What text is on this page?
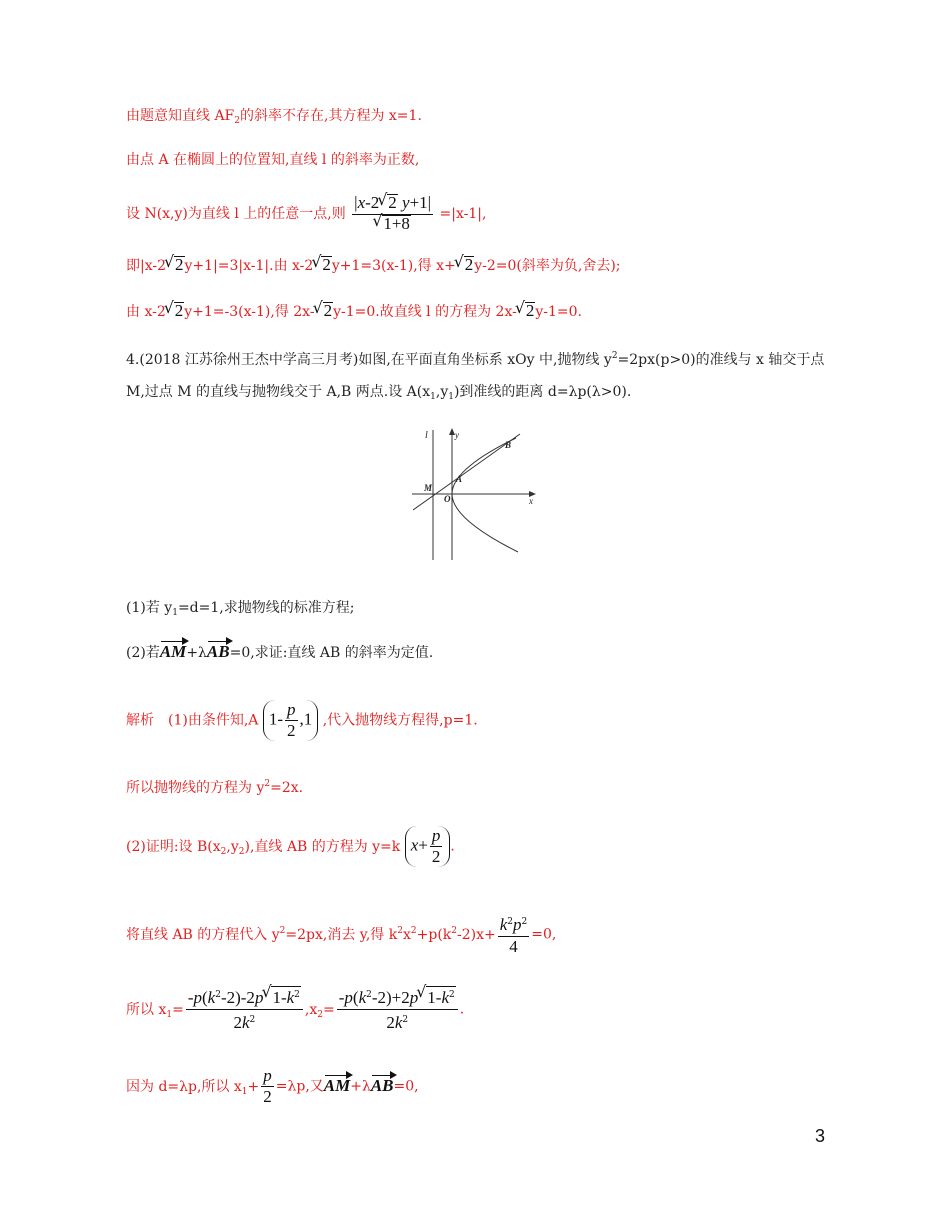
由题意知直线 $AF_2$的斜率不存在,其方程为 x=1.
由点 A 在椭圆上的位置知,直线 l 的斜率为正数,
设 N(x,y)为直线 l 上的任意一点,则 |x-2 √ 2 y+1|
√ 1+8 =|x-1|,
即|x-2 √ 2y+1|=3|x-1|.由 x-2 √ 2y+1=3(x-1),得 x+ √ 2y-2=0(斜率为负,舍去);
由 x-2 √ 2y+1=-3(x-1),得 2x- √ 2y-1=0.故直线 l 的方程为 2x- √ 2y-1=0.
4.(2018 江苏徐州王杰中学高三月考)如图,在平面直角坐标系 xOy 中,抛物线 $y^2=2px(p>0)$的准线与 x 轴交于点
M,过点 M 的直线与抛物线交于 A,B 两点.设 $A(x_1,y_1)$到准线的距离 d=λp(λ>0).
l	y
B
A
M
O	x
(1)若 $y_1=d=1$,求抛物线的标准方程;
(2)若AM+λAB=0,求证:直线 AB 的斜率为定值.
解析　(1)由条件知,A $1- \frac{p}{2} ,1$ ,代入抛物线方程得,p=1.
所以抛物线的方程为 $y^2=2x$.
(2)证明:设 $B(x_2,y_2)$,直线 AB 的方程为 y=k $x+ \frac{p}{2}$ .
将直线 AB 的方程代入 $y^2=2px$,消去 y,得 $k^2x^2+p(k^2-2)x+ \frac{k^2p^2}{4} =0$,
所以 $x_1= \frac{-p(k^2-2)-2p √ 1-k^2}{2k^2} ,x_2= \frac{-p(k^2-2)+2p √ 1-k^2}{2k^2}$ .
因为 d=λp,所以 $x_1+ \frac{p}{2} =\lambda p$,又AM+λAB=0,
3
